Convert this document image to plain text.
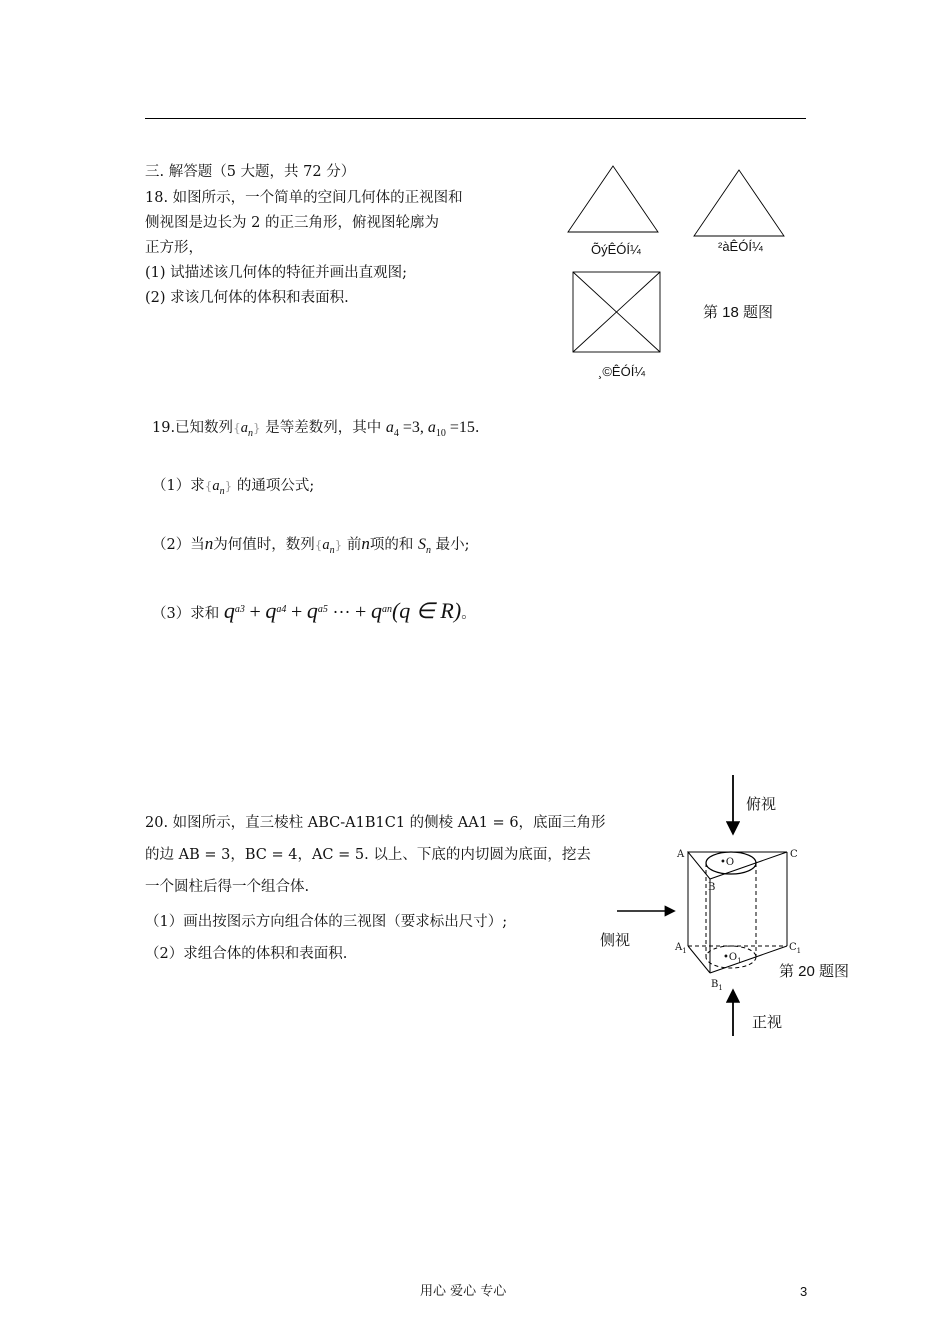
三. 解答题（5 大题，共 72 分）
18. 如图所示，一个简单的空间几何体的正视图和
侧视图是边长为 2 的正三角形，俯视图轮廓为
正方形，
(1) 试描述该几何体的特征并画出直观图;
(2) 求该几何体的体积和表面积.
ÕýÊÓÍ¼	²àÊÓÍ¼
¸©ÊÓÍ¼
第 18 题图
19.已知数列$\{a_n\}$ 是等差数列，其中 $a_4 =3$, $a_{10} =15$.
（1）求$\{a_n\}$ 的通项公式;
（2）当n为何值时，数列$\{a_n\}$ 前n项的和 $S_n$ 最小;
（3）求和 $q^{a3} + q^{a4} + q^{a5}$ ··· + $q^{an}(q$ ∈ R)。
20. 如图所示，直三棱柱 ABC-A1B1C1 的侧棱 AA1 = 6，底面三角形
的边 AB = 3，BC = 4，AC = 5. 以上、下底的内切圆为底面，挖去
一个圆柱后得一个组合体.
（1）画出按图示方向组合体的三视图（要求标出尺寸）;
（2）求组合体的体积和表面积.
俯视
侧视
正视
第 20 题图
A	C
B
•O
$A_1$	$C_1$
$B_1$
$•O_1$
用心 爱心 专心	3
